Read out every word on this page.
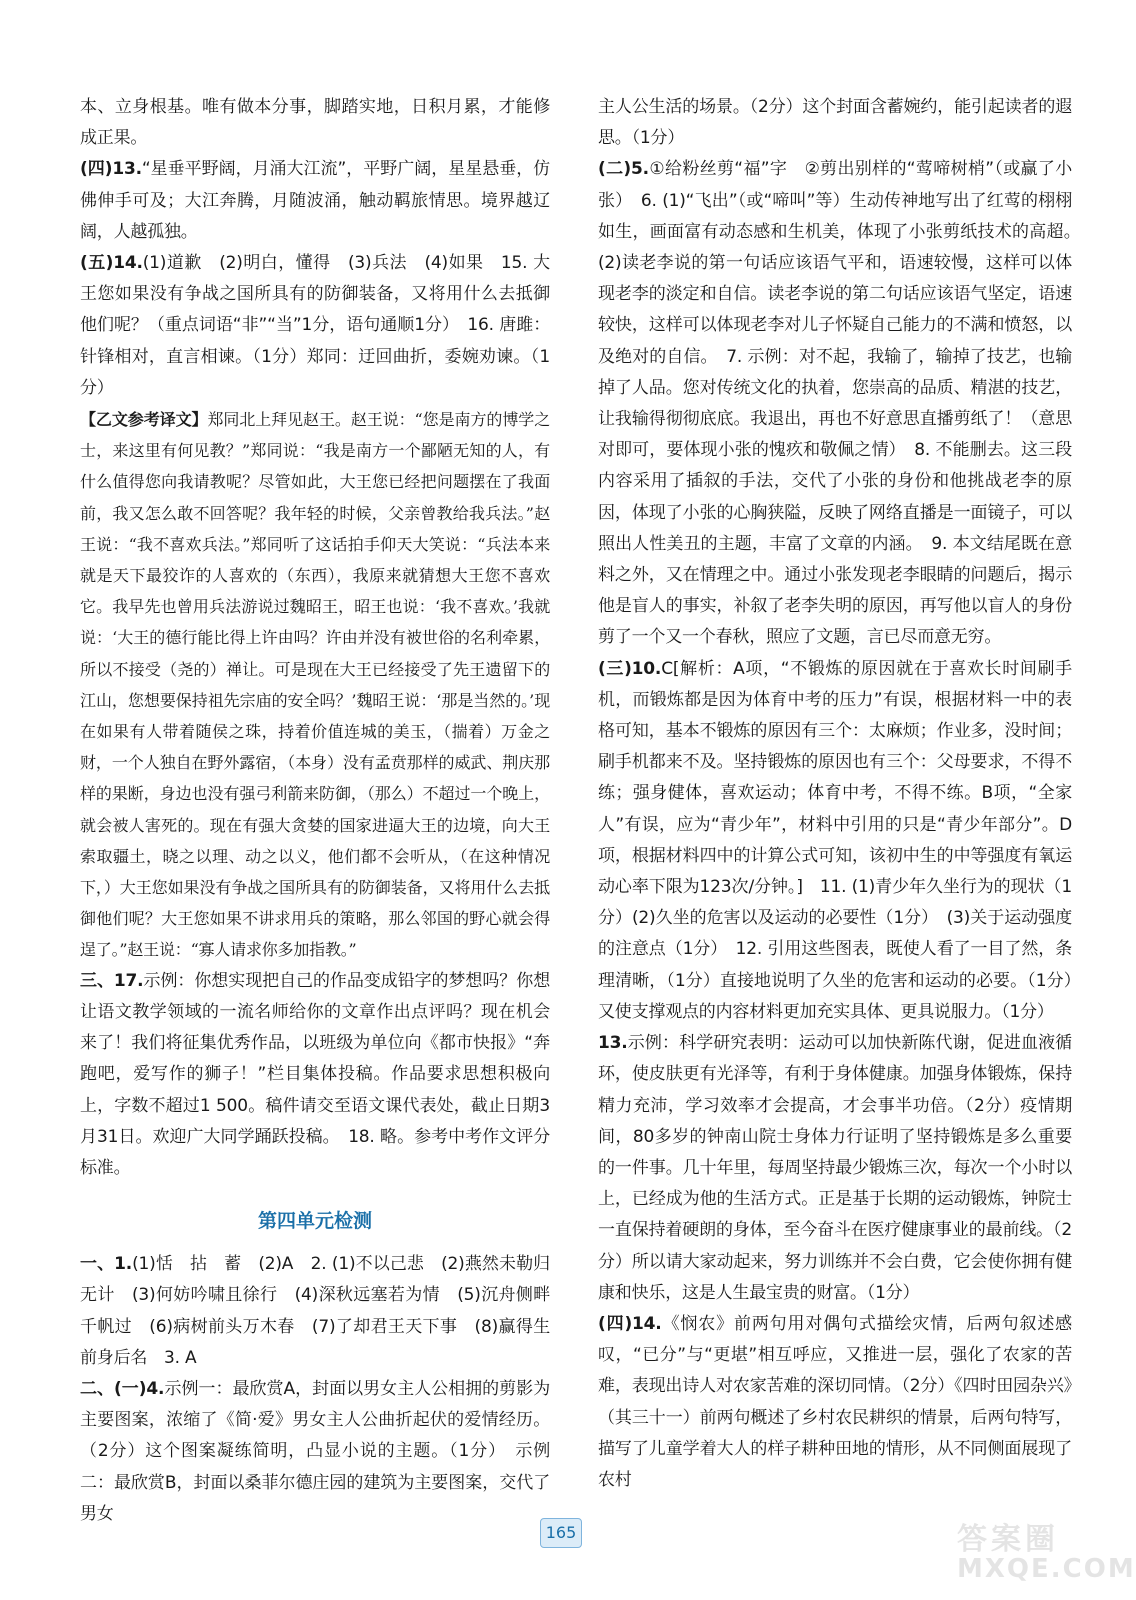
本、立身根基。唯有做本分事，脚踏实地，日积月累，才能修成正果。

(四)13.“星垂平野阔，月涌大江流”，平野广阔，星星悬垂，仿佛伸手可及；大江奔腾，月随波涌，触动羁旅情思。境界越辽阔，人越孤独。

(五)14.(1)道歉　(2)明白，懂得　(3)兵法　(4)如果　15. 大王您如果没有争战之国所具有的防御装备，又将用什么去抵御他们呢？（重点词语“非”“当”1分，语句通顺1分）　16. 唐雎：针锋相对，直言相谏。（1分）郑同：迂回曲折，委婉劝谏。（1分）

【乙文参考译文】郑同北上拜见赵王。赵王说：“您是南方的博学之士，来这里有何见教？”郑同说：“我是南方一个鄙陋无知的人，有什么值得您向我请教呢？尽管如此，大王您已经把问题摆在了我面前，我又怎么敢不回答呢？我年轻的时候，父亲曾教给我兵法。”赵王说：“我不喜欢兵法。”郑同听了这话拍手仰天大笑说：“兵法本来就是天下最狡诈的人喜欢的（东西），我原来就猜想大王您不喜欢它。我早先也曾用兵法游说过魏昭王，昭王也说：‘我不喜欢。’我就说：‘大王的德行能比得上许由吗？许由并没有被世俗的名利牵累，所以不接受（尧的）禅让。可是现在大王已经接受了先王遗留下的江山，您想要保持祖先宗庙的安全吗？’魏昭王说：‘那是当然的。’现在如果有人带着随侯之珠，持着价值连城的美玉，（揣着）万金之财，一个人独自在野外露宿，（本身）没有孟贲那样的威武、荆庆那样的果断，身边也没有强弓利箭来防御，（那么）不超过一个晚上，就会被人害死的。现在有强大贪婪的国家进逼大王的边境，向大王索取疆土，晓之以理、动之以义，他们都不会听从，（在这种情况下，）大王您如果没有争战之国所具有的防御装备，又将用什么去抵御他们呢？大王您如果不讲求用兵的策略，那么邻国的野心就会得逞了。”赵王说：“寡人请求你多加指教。”

三、17.示例：你想实现把自己的作品变成铅字的梦想吗？你想让语文教学领域的一流名师给你的文章作出点评吗？现在机会来了！我们将征集优秀作品，以班级为单位向《都市快报》“奔跑吧，爱写作的狮子！”栏目集体投稿。作品要求思想积极向上，字数不超过1 500。稿件请交至语文课代表处，截止日期3月31日。欢迎广大同学踊跃投稿。　18. 略。参考中考作文评分标准。

第四单元检测

一、1.(1)恬　拈　蓄　(2)A　2. (1)不以己悲　(2)燕然未勒归无计　(3)何妨吟啸且徐行　(4)深秋远塞若为情　(5)沉舟侧畔千帆过　(6)病树前头万木春　(7)了却君王天下事　(8)赢得生前身后名　3. A

二、(一)4.示例一：最欣赏A，封面以男女主人公相拥的剪影为主要图案，浓缩了《简·爱》男女主人公曲折起伏的爱情经历。（2分）这个图案凝练简明，凸显小说的主题。（1分）　示例二：最欣赏B，封面以桑菲尔德庄园的建筑为主要图案，交代了男女

主人公生活的场景。（2分）这个封面含蓄婉约，能引起读者的遐思。（1分）

(二)5.①给粉丝剪“福”字　②剪出别样的“莺啼树梢”（或赢了小张）　6. (1)“飞出”（或“啼叫”等）生动传神地写出了红莺的栩栩如生，画面富有动态感和生机美，体现了小张剪纸技术的高超。　(2)读老李说的第一句话应该语气平和，语速较慢，这样可以体现老李的淡定和自信。读老李说的第二句话应该语气坚定，语速较快，这样可以体现老李对儿子怀疑自己能力的不满和愤怒，以及绝对的自信。　7. 示例：对不起，我输了，输掉了技艺，也输掉了人品。您对传统文化的执着，您崇高的品质、精湛的技艺，让我输得彻彻底底。我退出，再也不好意思直播剪纸了！（意思对即可，要体现小张的愧疚和敬佩之情）　8. 不能删去。这三段内容采用了插叙的手法，交代了小张的身份和他挑战老李的原因，体现了小张的心胸狭隘，反映了网络直播是一面镜子，可以照出人性美丑的主题，丰富了文章的内涵。　9. 本文结尾既在意料之外，又在情理之中。通过小张发现老李眼睛的问题后，揭示他是盲人的事实，补叙了老李失明的原因，再写他以盲人的身份剪了一个又一个春秋，照应了文题，言已尽而意无穷。

(三)10.C[解析：A项，“不锻炼的原因就在于喜欢长时间刷手机，而锻炼都是因为体育中考的压力”有误，根据材料一中的表格可知，基本不锻炼的原因有三个：太麻烦；作业多，没时间；刷手机都来不及。坚持锻炼的原因也有三个：父母要求，不得不练；强身健体，喜欢运动；体育中考，不得不练。B项，“全家人”有误，应为“青少年”，材料中引用的只是“青少年部分”。D项，根据材料四中的计算公式可知，该初中生的中等强度有氧运动心率下限为123次/分钟。]　11. (1)青少年久坐行为的现状（1分）(2)久坐的危害以及运动的必要性（1分）　(3)关于运动强度的注意点（1分）　12. 引用这些图表，既使人看了一目了然，条理清晰，（1分）直接地说明了久坐的危害和运动的必要。（1分）又使支撑观点的内容材料更加充实具体、更具说服力。（1分）

13.示例：科学研究表明：运动可以加快新陈代谢，促进血液循环，使皮肤更有光泽等，有利于身体健康。加强身体锻炼，保持精力充沛，学习效率才会提高，才会事半功倍。（2分）疫情期间，80多岁的钟南山院士身体力行证明了坚持锻炼是多么重要的一件事。几十年里，每周坚持最少锻炼三次，每次一个小时以上，已经成为他的生活方式。正是基于长期的运动锻炼，钟院士一直保持着硬朗的身体，至今奋斗在医疗健康事业的最前线。（2分）所以请大家动起来，努力训练并不会白费，它会使你拥有健康和快乐，这是人生最宝贵的财富。（1分）

(四)14.《悯农》前两句用对偶句式描绘灾情，后两句叙述感叹，“已分”与“更堪”相互呼应，又推进一层，强化了农家的苦难，表现出诗人对农家苦难的深切同情。（2分）《四时田园杂兴》（其三十一）前两句概述了乡村农民耕织的情景，后两句特写，描写了儿童学着大人的样子耕种田地的情形，从不同侧面展现了农村

165	答案圈
MXQE.COM
